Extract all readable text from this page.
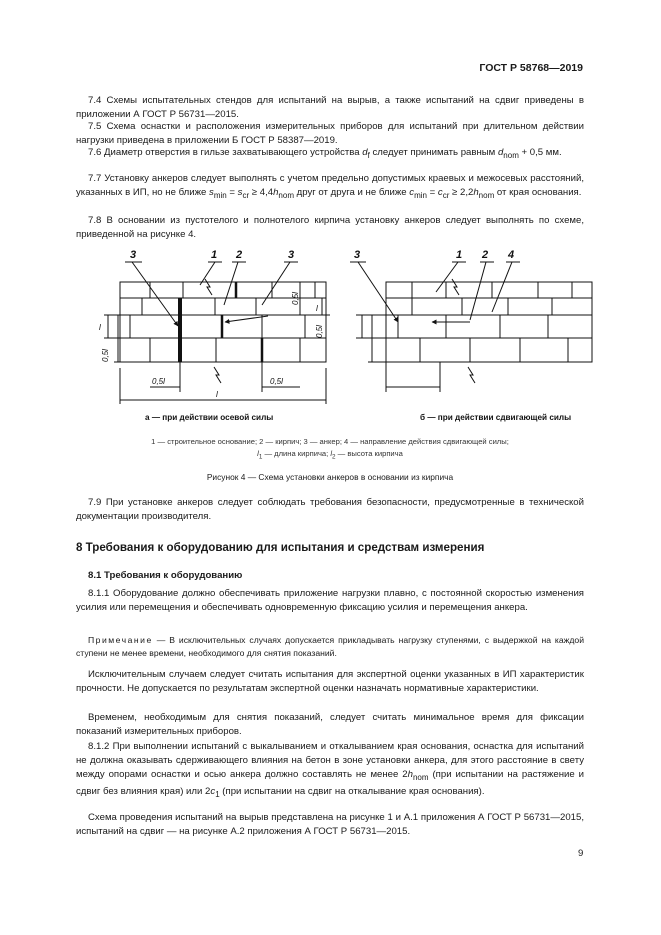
ГОСТ Р 58768—2019

7.4 Схемы испытательных стендов для испытаний на вырыв, а также испытаний на сдвиг приведены в приложении А ГОСТ Р 56731—2015.

7.5 Схема оснастки и расположения измерительных приборов для испытаний при длительном действии нагрузки приведена в приложении Б ГОСТ Р 58387—2019.

7.6 Диаметр отверстия в гильзе захватывающего устройства $d_f$ следует принимать равным $d_{nom} + 0,5$ мм.

7.7 Установку анкеров следует выполнять с учетом предельно допустимых краевых и межосевых расстояний, указанных в ИП, но не ближе $s_{min} = s_{cr} \ge 4,4h_{nom}$ друг от друга и не ближе $c_{min} = c_{cr} \ge 2,2h_{nom}$ от края основания.

7.8 В основании из пустотелого и полнотелого кирпича установку анкеров следует выполнять по схеме, приведенной на рисунке 4.

3	1 2	3	3	1 2 4
0,5l
l
l
0,5l
0,5l
0,5l	0,5l
l
а — при действии осевой силы	б — при действии сдвигающей силы
1 — строительное основание; 2 — кирпич; 3 — анкер; 4 — направление действия сдвигающей силы;
$l_1$ — длина кирпича; $l_2$ — высота кирпича
Рисунок 4 — Схема установки анкеров в основании из кирпича

7.9 При установке анкеров следует соблюдать требования безопасности, предусмотренные в технической документации производителя.

8 Требования к оборудованию для испытания и средствам измерения
8.1 Требования к оборудованию

8.1.1 Оборудование должно обеспечивать приложение нагрузки плавно, с постоянной скоростью изменения усилия или перемещения и обеспечивать одновременную фиксацию усилия и перемещения анкера.

Примечание — В исключительных случаях допускается прикладывать нагрузку ступенями, с выдержкой на каждой ступени не менее времени, необходимого для снятия показаний.

Исключительным случаем следует считать испытания для экспертной оценки указанных в ИП характеристик прочности. Не допускается по результатам экспертной оценки назначать нормативные характеристики.

Временем, необходимым для снятия показаний, следует считать минимальное время для фиксации показаний измерительных приборов.

8.1.2 При выполнении испытаний с выкалыванием и откалыванием края основания, оснастка для испытаний не должна оказывать сдерживающего влияния на бетон в зоне установки анкера, для этого расстояние в свету между опорами оснастки и осью анкера должно составлять не менее $2h_{nom}$ (при испытании на растяжение и сдвиг без влияния края) или $2c_1$ (при испытании на сдвиг на откалывание края основания).

Схема проведения испытаний на вырыв представлена на рисунке 1 и А.1 приложения А ГОСТ Р 56731—2015, испытаний на сдвиг — на рисунке А.2 приложения А ГОСТ Р 56731—2015.

9
